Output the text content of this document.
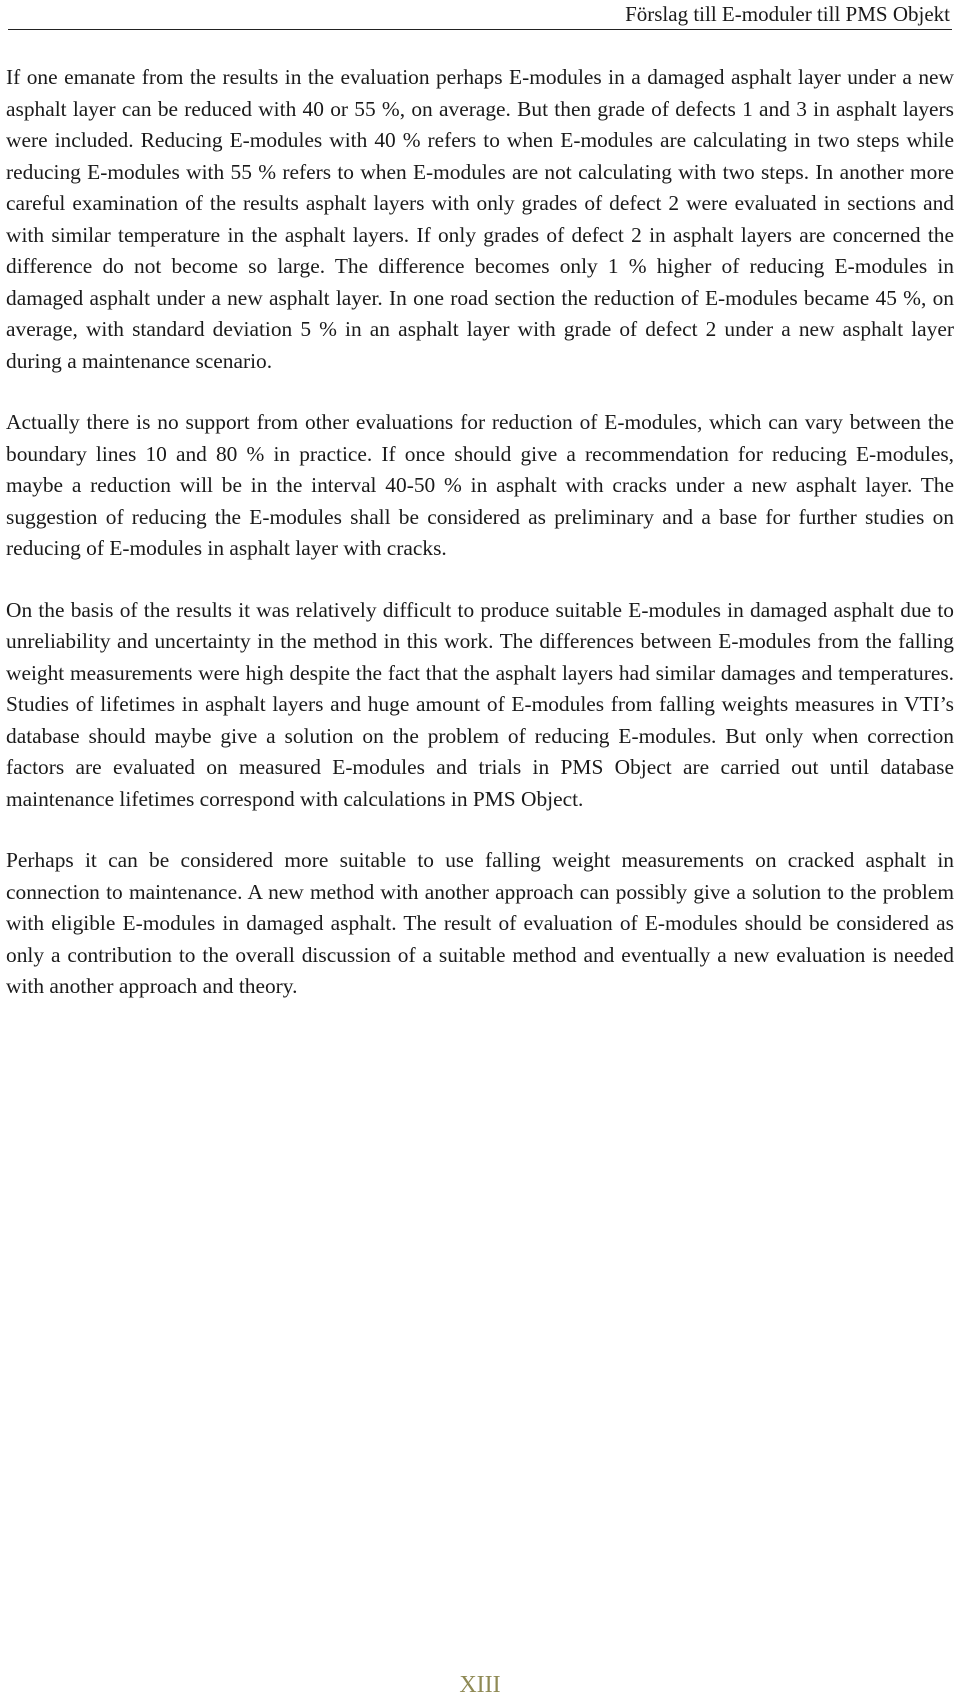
Förslag till E-moduler till PMS Objekt

If one emanate from the results in the evaluation perhaps E-modules in a damaged asphalt layer under a new asphalt layer can be reduced with 40 or 55 %, on average. But then grade of defects 1 and 3 in asphalt layers were included. Reducing E-modules with 40 % refers to when E-modules are calculating in two steps while reducing E-modules with 55 % refers to when E-modules are not calculating with two steps. In another more careful examination of the results asphalt layers with only grades of defect 2 were evaluated in sections and with similar temperature in the asphalt layers. If only grades of defect 2 in asphalt layers are concerned the difference do not become so large. The difference becomes only 1 % higher of reducing E-modules in damaged asphalt under a new asphalt layer. In one road section the reduction of E-modules became 45 %, on average, with standard deviation 5 % in an asphalt layer with grade of defect 2 under a new asphalt layer during a maintenance scenario.

Actually there is no support from other evaluations for reduction of E-modules, which can vary between the boundary lines 10 and 80 % in practice. If once should give a recommendation for reducing E-modules, maybe a reduction will be in the interval 40-50 % in asphalt with cracks under a new asphalt layer. The suggestion of reducing the E-modules shall be considered as preliminary and a base for further studies on reducing of E-modules in asphalt layer with cracks.

On the basis of the results it was relatively difficult to produce suitable E-modules in damaged asphalt due to unreliability and uncertainty in the method in this work. The differences between E-modules from the falling weight measurements were high despite the fact that the asphalt layers had similar damages and temperatures. Studies of lifetimes in asphalt layers and huge amount of E-modules from falling weights measures in VTI’s database should maybe give a solution on the problem of reducing E-modules. But only when correction factors are evaluated on measured E-modules and trials in PMS Object are carried out until database maintenance lifetimes correspond with calculations in PMS Object.

Perhaps it can be considered more suitable to use falling weight measurements on cracked asphalt in connection to maintenance. A new method with another approach can possibly give a solution to the problem with eligible E-modules in damaged asphalt. The result of evaluation of E-modules should be considered as only a contribution to the overall discussion of a suitable method and eventually a new evaluation is needed with another approach and theory.

XIII
